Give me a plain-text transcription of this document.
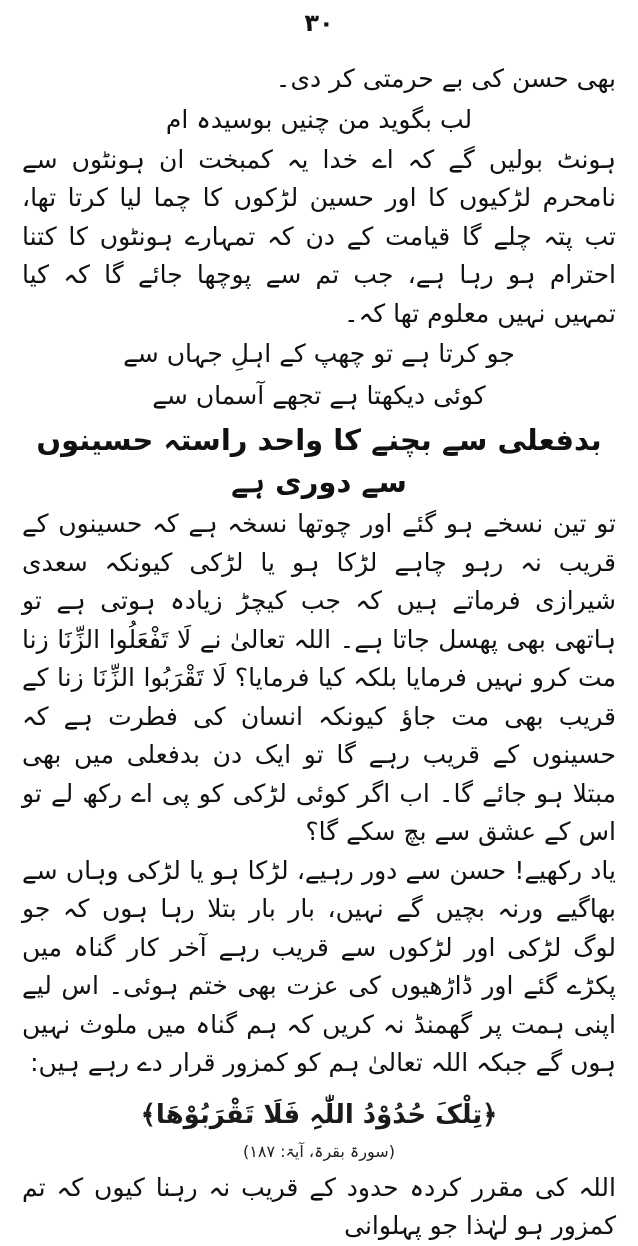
۳۰

بھی حسن کی بے حرمتی کر دی۔

لب بگوید من چنیں بوسیدہ ام

ہونٹ بولیں گے کہ اے خدا یہ کمبخت ان ہونٹوں سے نامحرم لڑکیوں کا اور حسین لڑکوں کا چما لیا کرتا تھا، تب پتہ چلے گا قیامت کے دن کہ تمہارے ہونٹوں کا کتنا احترام ہو رہا ہے، جب تم سے پوچھا جائے گا کہ کیا تمہیں نہیں معلوم تھا کہ۔

جو کرتا ہے تو چھپ کے اہلِ جہاں سے

کوئی دیکھتا ہے تجھے آسماں سے

بدفعلی سے بچنے کا واحد راستہ حسینوں سے دوری ہے

تو تین نسخے ہو گئے اور چوتھا نسخہ ہے کہ حسینوں کے قریب نہ رہو چاہے لڑکا ہو یا لڑکی کیونکہ سعدی شیرازی فرماتے ہیں کہ جب کیچڑ زیادہ ہوتی ہے تو ہاتھی بھی پھسل جاتا ہے۔ اللہ تعالیٰ نے لَا تَفْعَلُوا الزِّنَا زنا مت کرو نہیں فرمایا بلکہ کیا فرمایا؟ لَا تَقْرَبُوا الزِّنَا زنا کے قریب بھی مت جاؤ کیونکہ انسان کی فطرت ہے کہ حسینوں کے قریب رہے گا تو ایک دن بدفعلی میں بھی مبتلا ہو جائے گا۔ اب اگر کوئی لڑکی کو پی اے رکھ لے تو اس کے عشق سے بچ سکے گا؟

یاد رکھیے! حسن سے دور رہیے، لڑکا ہو یا لڑکی وہاں سے بھاگیے ورنہ بچیں گے نہیں، بار بار بتلا رہا ہوں کہ جو لوگ لڑکی اور لڑکوں سے قریب رہے آخر کار گناہ میں پکڑے گئے اور ڈاڑھیوں کی عزت بھی ختم ہوئی۔ اس لیے اپنی ہمت پر گھمنڈ نہ کریں کہ ہم گناہ میں ملوث نہیں ہوں گے جبکہ اللہ تعالیٰ ہم کو کمزور قرار دے رہے ہیں:

﴿تِلْکَ حُدُوْدُ اللّٰہِ فَلَا تَقْرَبُوْهَا﴾

(سورۃ بقرۃ، آیۃ: ۱۸۷)

اللہ کی مقرر کردہ حدود کے قریب نہ رہنا کیوں کہ تم کمزور ہو لہٰذا جو پہلوانی
